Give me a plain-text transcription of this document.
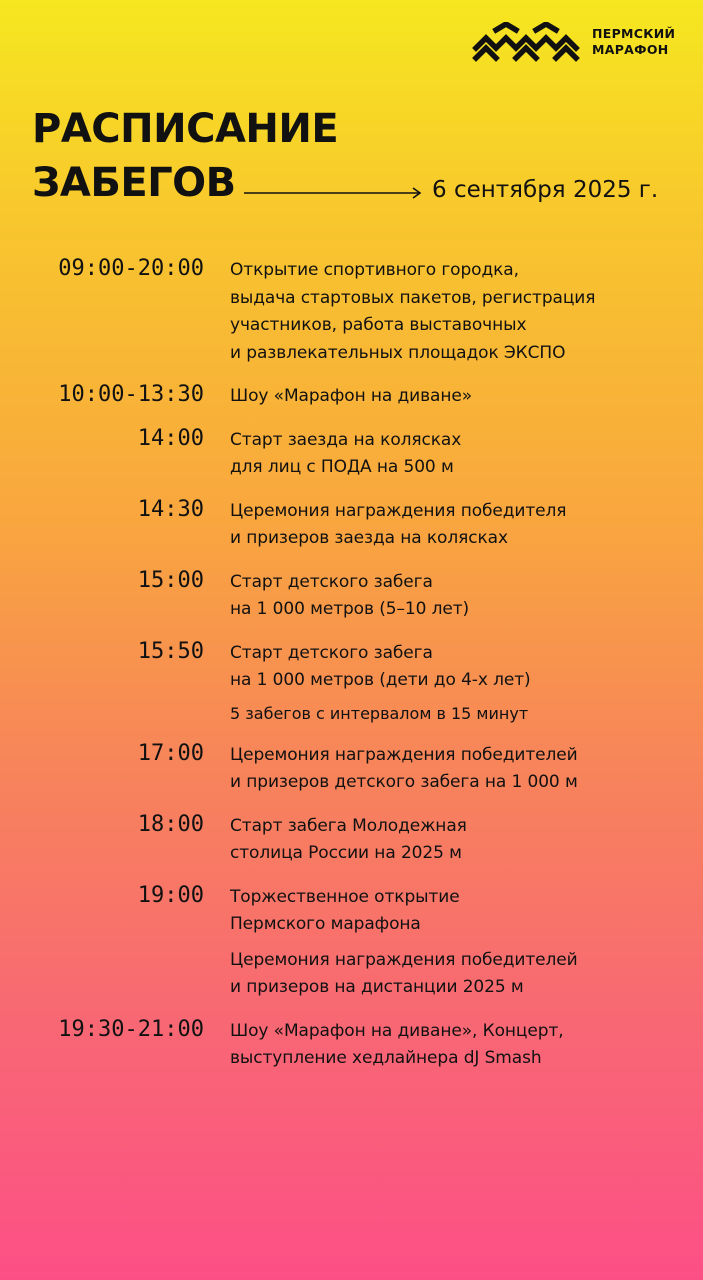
ПЕРМСКИЙ
МАРАФОН
РАСПИСАНИЕ
ЗАБЕГОВ	6 сентября 2025 г.
09:00-20:00 Открытие спортивного городка,
выдача стартовых пакетов, регистрация
участников, работа выставочных
и развлекательных площадок ЭКСПО
10:00-13:30 Шоу «Марафон на диване»
14:00 Старт заезда на колясках
для лиц с ПОДА на 500 м
14:30 Церемония награждения победителя
и призеров заезда на колясках
15:00 Старт детского забега
на 1 000 метров (5–10 лет)
15:50 Старт детского забега
на 1 000 метров (дети до 4-х лет)
5 забегов с интервалом в 15 минут
17:00 Церемония награждения победителей
и призеров детского забега на 1 000 м
18:00 Старт забега Молодежная
столица России на 2025 м
19:00 Торжественное открытие
Пермского марафона
Церемония награждения победителей
и призеров на дистанции 2025 м
19:30-21:00 Шоу «Марафон на диване», Концерт,
выступление хедлайнера dJ Smash
